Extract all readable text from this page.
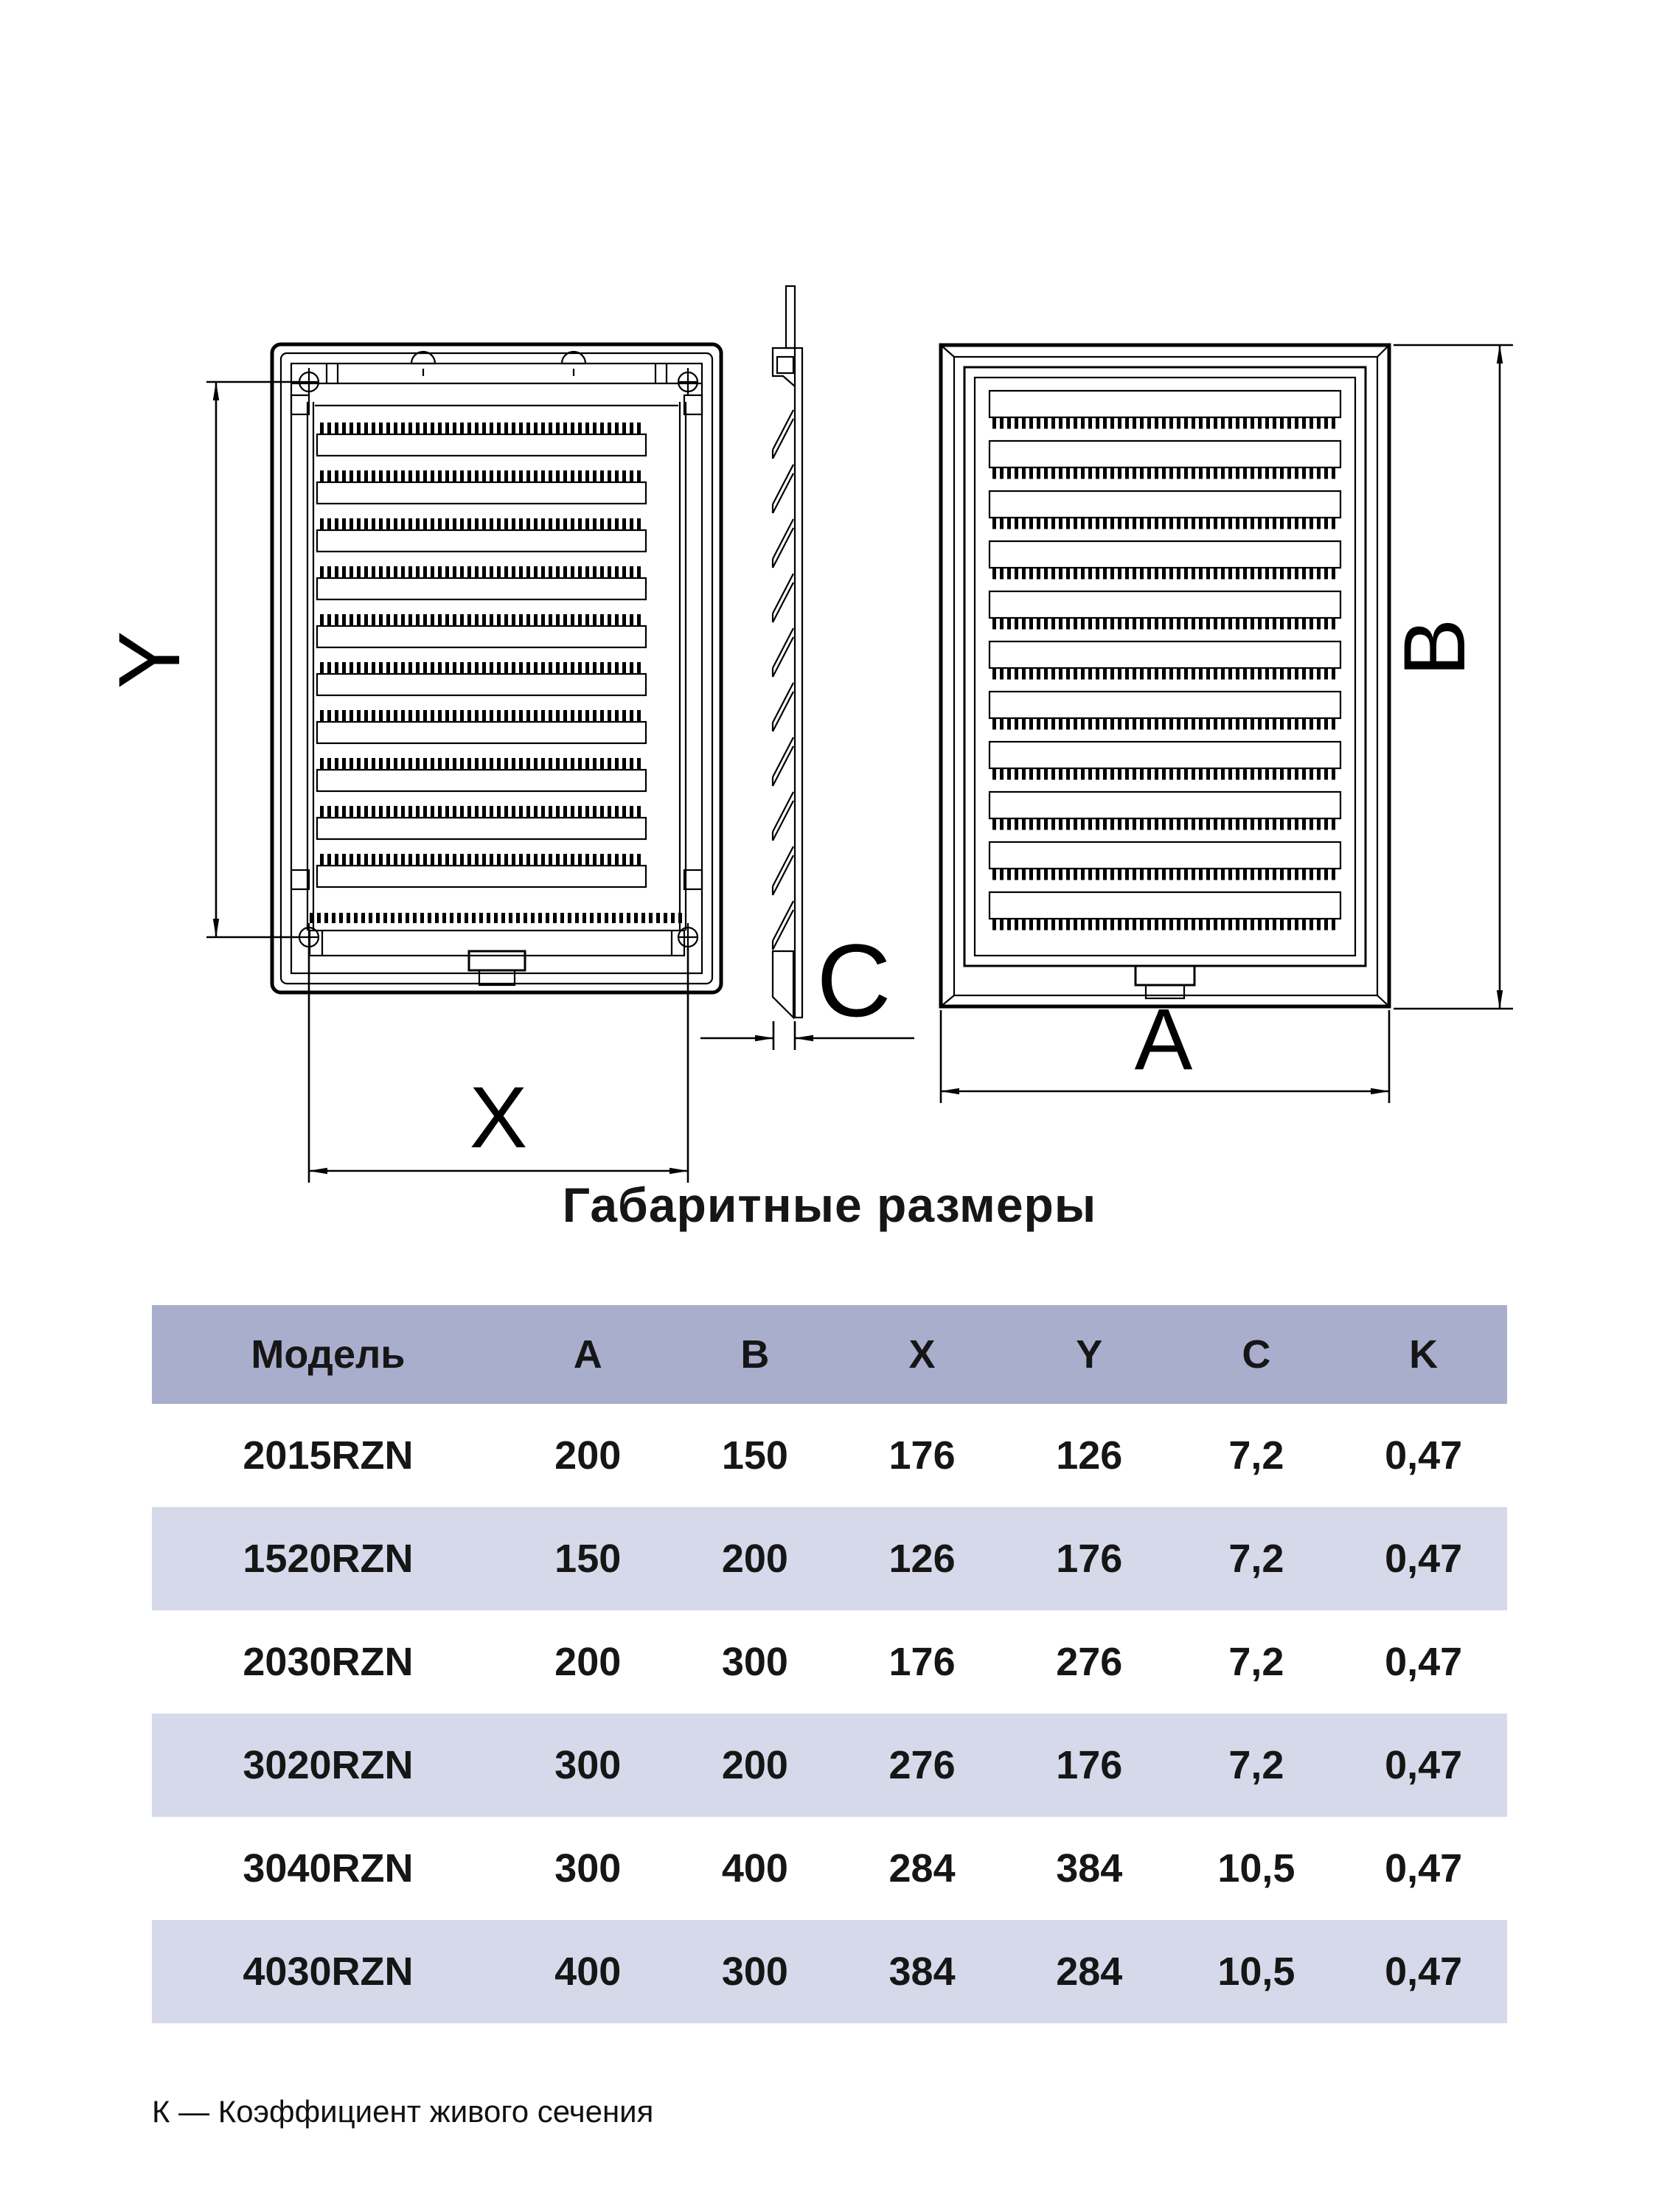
Y
X
C
B
A
Габаритные размеры
Модель	A	B	X	Y	C	K
2015RZN	200	150	176	126	7,2	0,47
1520RZN	150	200	126	176	7,2	0,47
2030RZN	200	300	176	276	7,2	0,47
3020RZN	300	200	276	176	7,2	0,47
3040RZN	300	400	284	384	10,5	0,47
4030RZN	400	300	384	284	10,5	0,47
К — Коэффициент живого сечения
